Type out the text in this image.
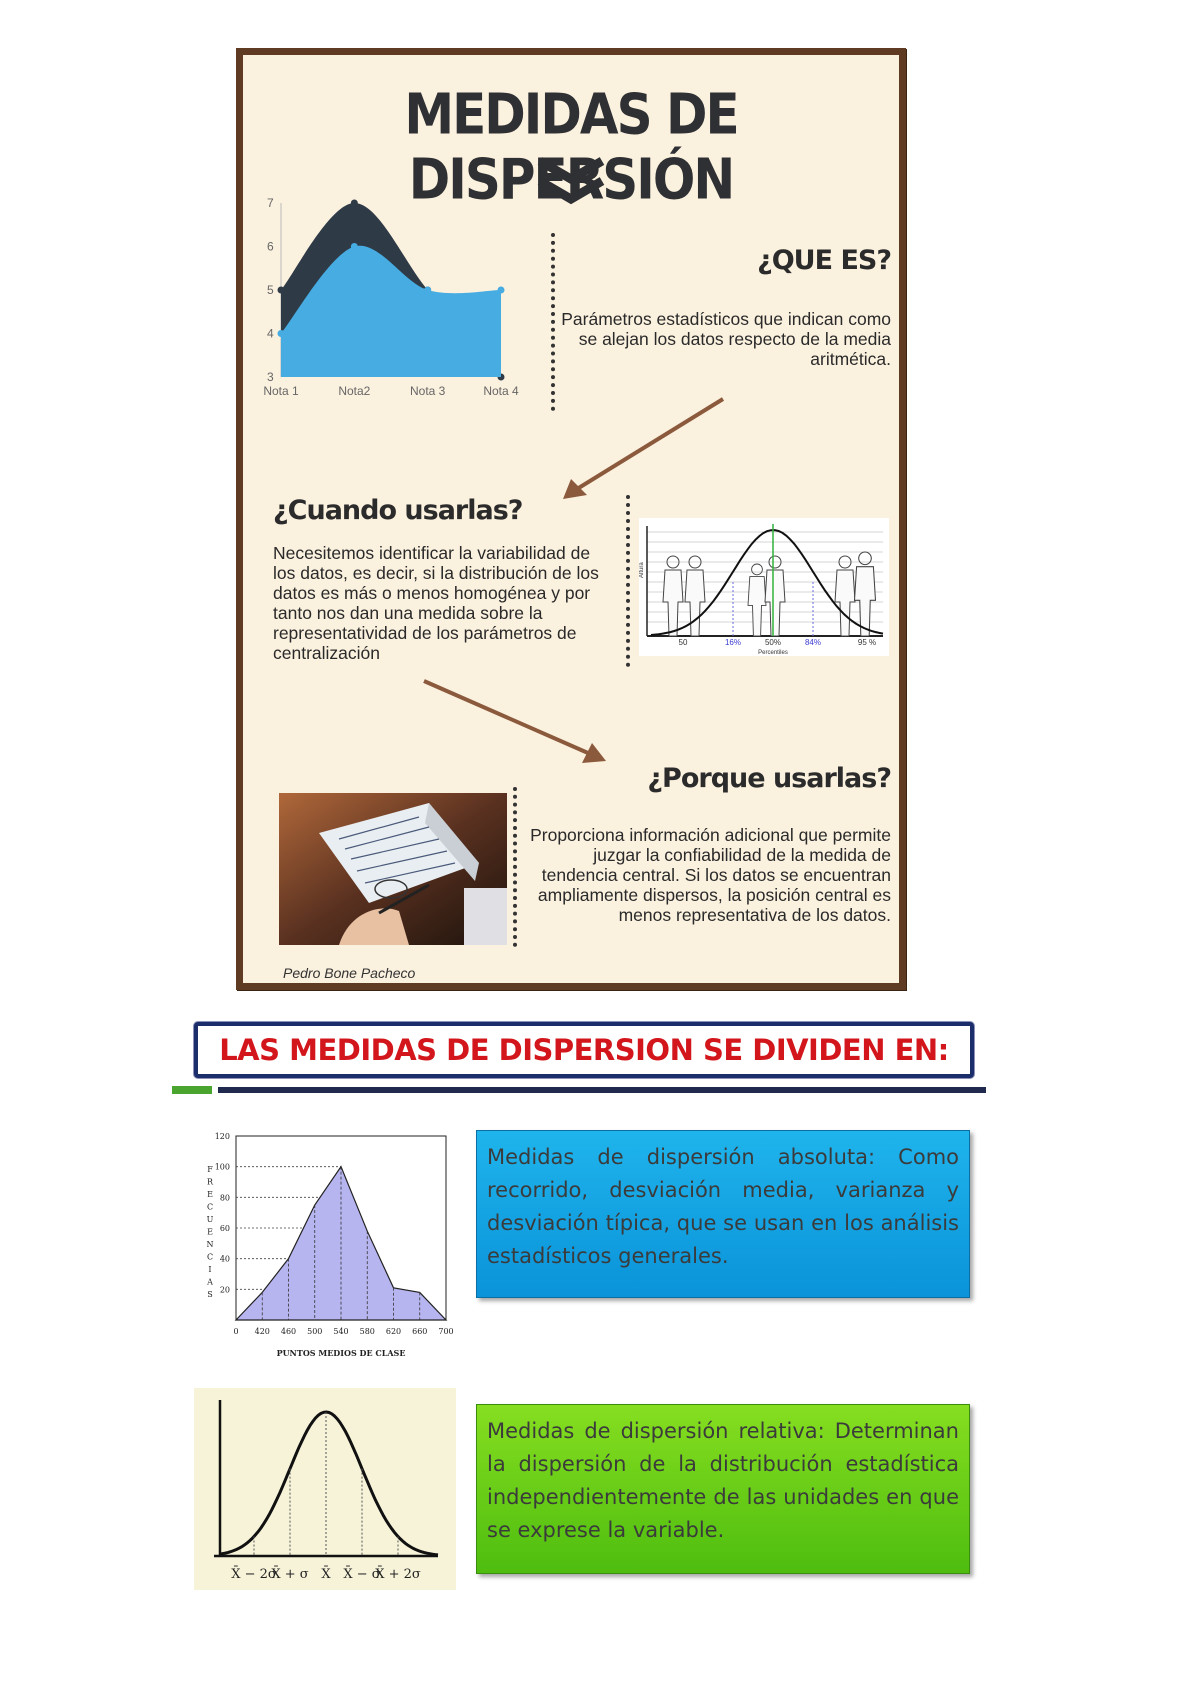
MEDIDAS DE DISPERSIÓN
3
4
5
6
7
Nota 1	Nota2	Nota 3	Nota 4
¿QUE ES?
Parámetros estadísticos que indican como se alejan los datos respecto de la media aritmética.
¿Cuando usarlas?
Necesitemos identificar la variabilidad de los datos, es decir, si la distribución de los datos es más o menos homogénea y por tanto nos dan una medida sobre la representatividad de los parámetros de centralización
Altura
50	16%	50%	84%	95 %
Percentiles
¿Porque usarlas?
Proporciona información adicional que permite juzgar la confiabilidad de la medida de tendencia central. Si los datos se encuentran ampliamente dispersos, la posición central es menos representativa de los datos.
Pedro Bone Pacheco
LAS MEDIDAS DE DISPERSION SE DIVIDEN EN:
120
100
80
60
40
20
0 420 460 500 540 580 620 660 700
F
R
E
C
U
E
N
C
I
A
S
PUNTOS MEDIOS DE CLASE
Medidas de dispersión absoluta: Como recorrido, desviación media, varianza y desviación típica, que se usan en los análisis estadísticos generales.
X̄ − 2σ
X̄ + σ X̄ X̄ − σ
X̄ + 2σ
Medidas de dispersión relativa: Determinan la dispersión de la distribución estadística independientemente de las unidades en que se exprese la variable.
